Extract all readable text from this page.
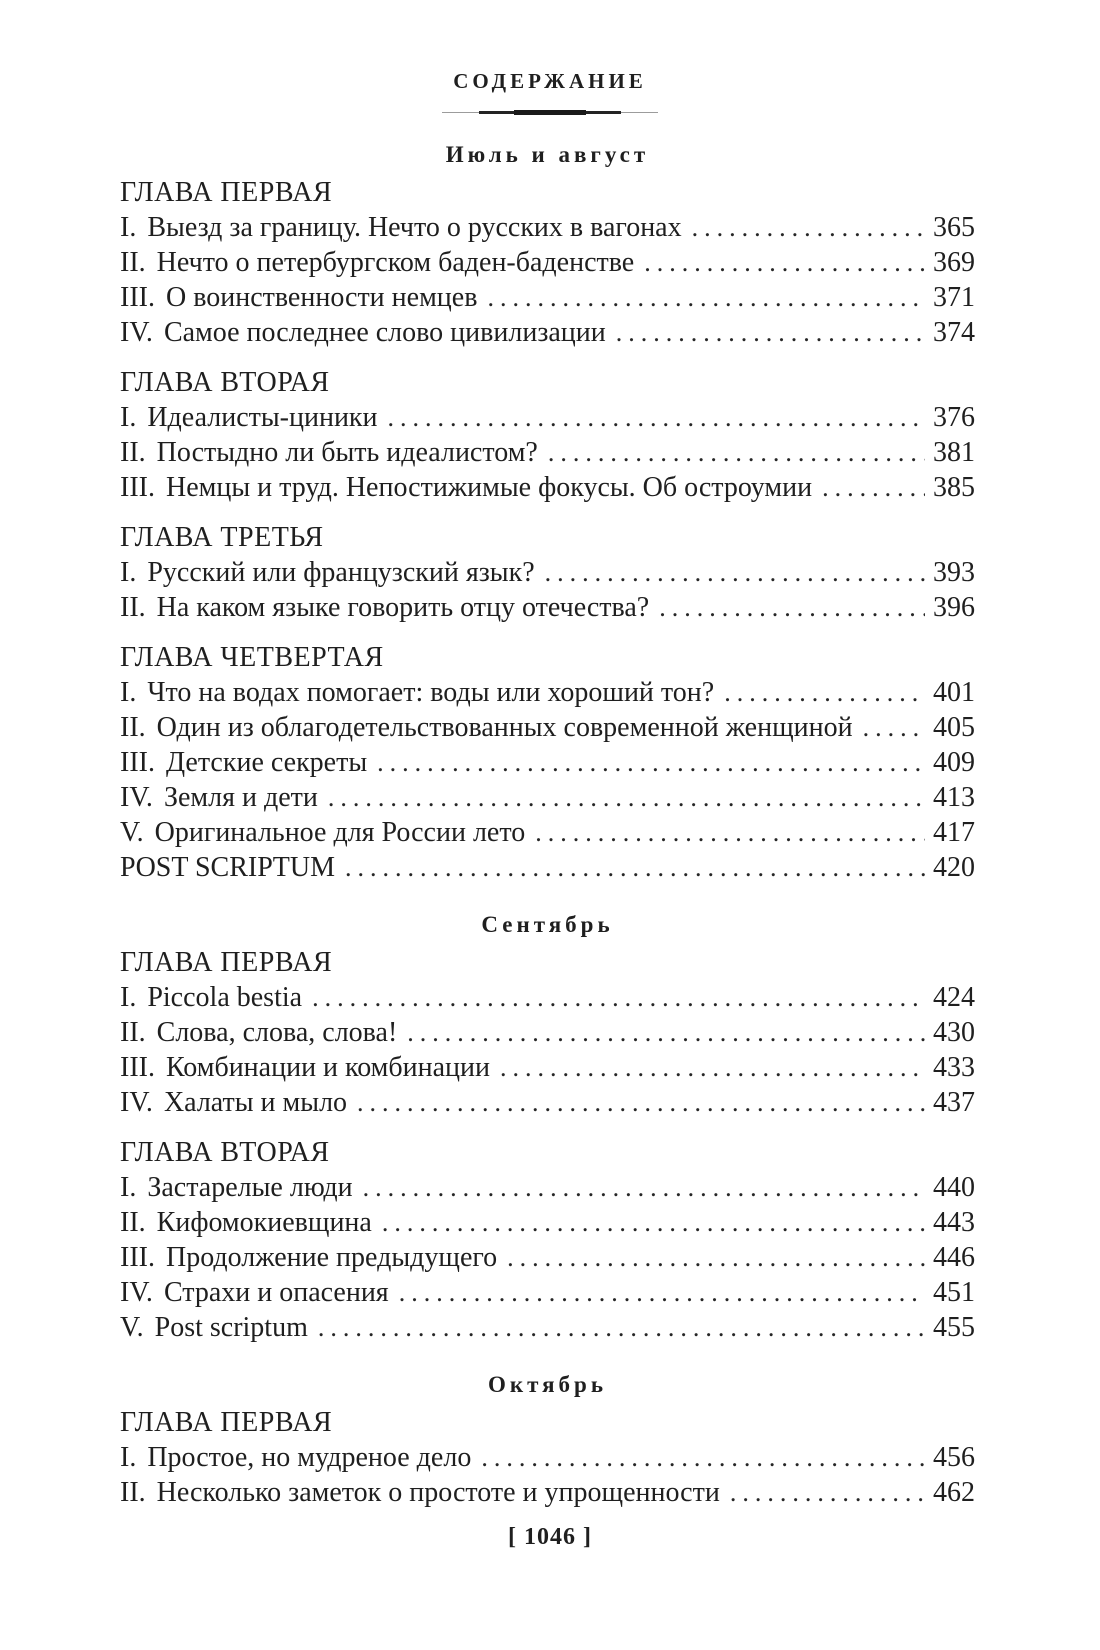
СОДЕРЖАНИЕ
Июль и август
ГЛАВА ПЕРВАЯ
I. Выезд за границу. Нечто о русских в вагонах .....	365
II. Нечто о петербургском баден-баденстве .....	369
III. О воинственности немцев .....	371
IV. Самое последнее слово цивилизации .....	374
ГЛАВА ВТОРАЯ
I. Идеалисты-циники .....	376
II. Постыдно ли быть идеалистом? .....	381
III. Немцы и труд. Непостижимые фокусы. Об остроумии .....	385
ГЛАВА ТРЕТЬЯ
I. Русский или французский язык? .....	393
II. На каком языке говорить отцу отечества? .....	396
ГЛАВА ЧЕТВЕРТАЯ
I. Что на водах помогает: воды или хороший тон? .....	401
II. Один из облагодетельствованных современной женщиной .....	405
III. Детские секреты .....	409
IV. Земля и дети .....	413
V. Оригинальное для России лето .....	417
POST SCRIPTUM .....	420
Сентябрь
ГЛАВА ПЕРВАЯ
I. Piccola bestia .....	424
II. Слова, слова, слова! .....	430
III. Комбинации и комбинации .....	433
IV. Халаты и мыло .....	437
ГЛАВА ВТОРАЯ
I. Застарелые люди .....	440
II. Кифомокиевщина .....	443
III. Продолжение предыдущего .....	446
IV. Страхи и опасения .....	451
V. Post scriptum .....	455
Октябрь
ГЛАВА ПЕРВАЯ
I. Простое, но мудреное дело .....	456
II. Несколько заметок о простоте и упрощенности .....	462
[ 1046 ]
